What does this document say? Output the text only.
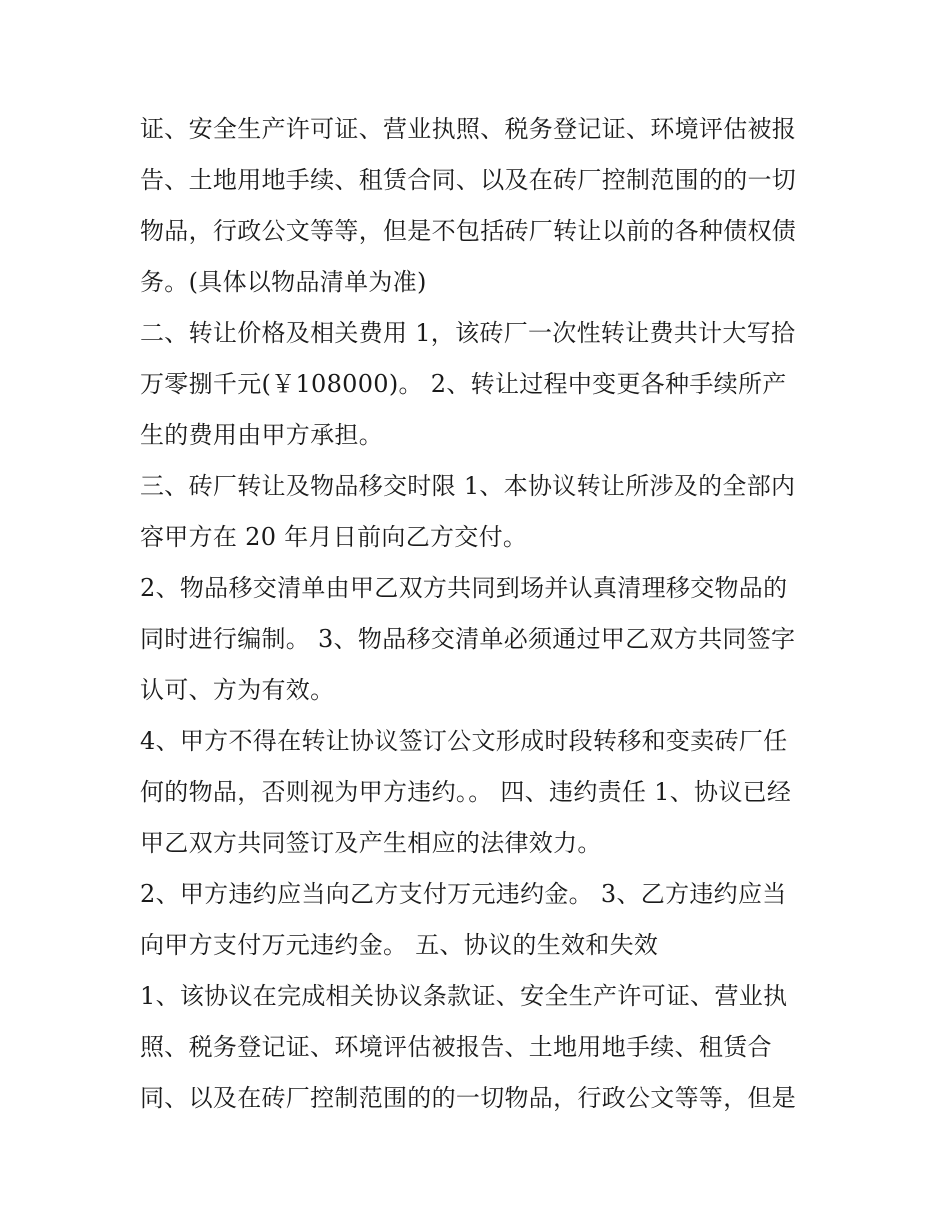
证、安全生产许可证、营业执照、税务登记证、环境评估被报
告、土地用地手续、租赁合同、以及在砖厂控制范围的的一切
物品，行政公文等等，但是不包括砖厂转让以前的各种债权债
务。(具体以物品清单为准)
二、转让价格及相关费用 1，该砖厂一次性转让费共计大写拾
万零捌千元(￥108000)。 2、转让过程中变更各种手续所产
生的费用由甲方承担。
三、砖厂转让及物品移交时限 1、本协议转让所涉及的全部内
容甲方在 20 年月日前向乙方交付。
2、物品移交清单由甲乙双方共同到场并认真清理移交物品的
同时进行编制。 3、物品移交清单必须通过甲乙双方共同签字
认可、方为有效。
4、甲方不得在转让协议签订公文形成时段转移和变卖砖厂任
何的物品，否则视为甲方违约。。 四、违约责任 1、协议已经
甲乙双方共同签订及产生相应的法律效力。
2、甲方违约应当向乙方支付万元违约金。 3、乙方违约应当
向甲方支付万元违约金。 五、协议的生效和失效
1、该协议在完成相关协议条款证、安全生产许可证、营业执
照、税务登记证、环境评估被报告、土地用地手续、租赁合
同、以及在砖厂控制范围的的一切物品，行政公文等等，但是
